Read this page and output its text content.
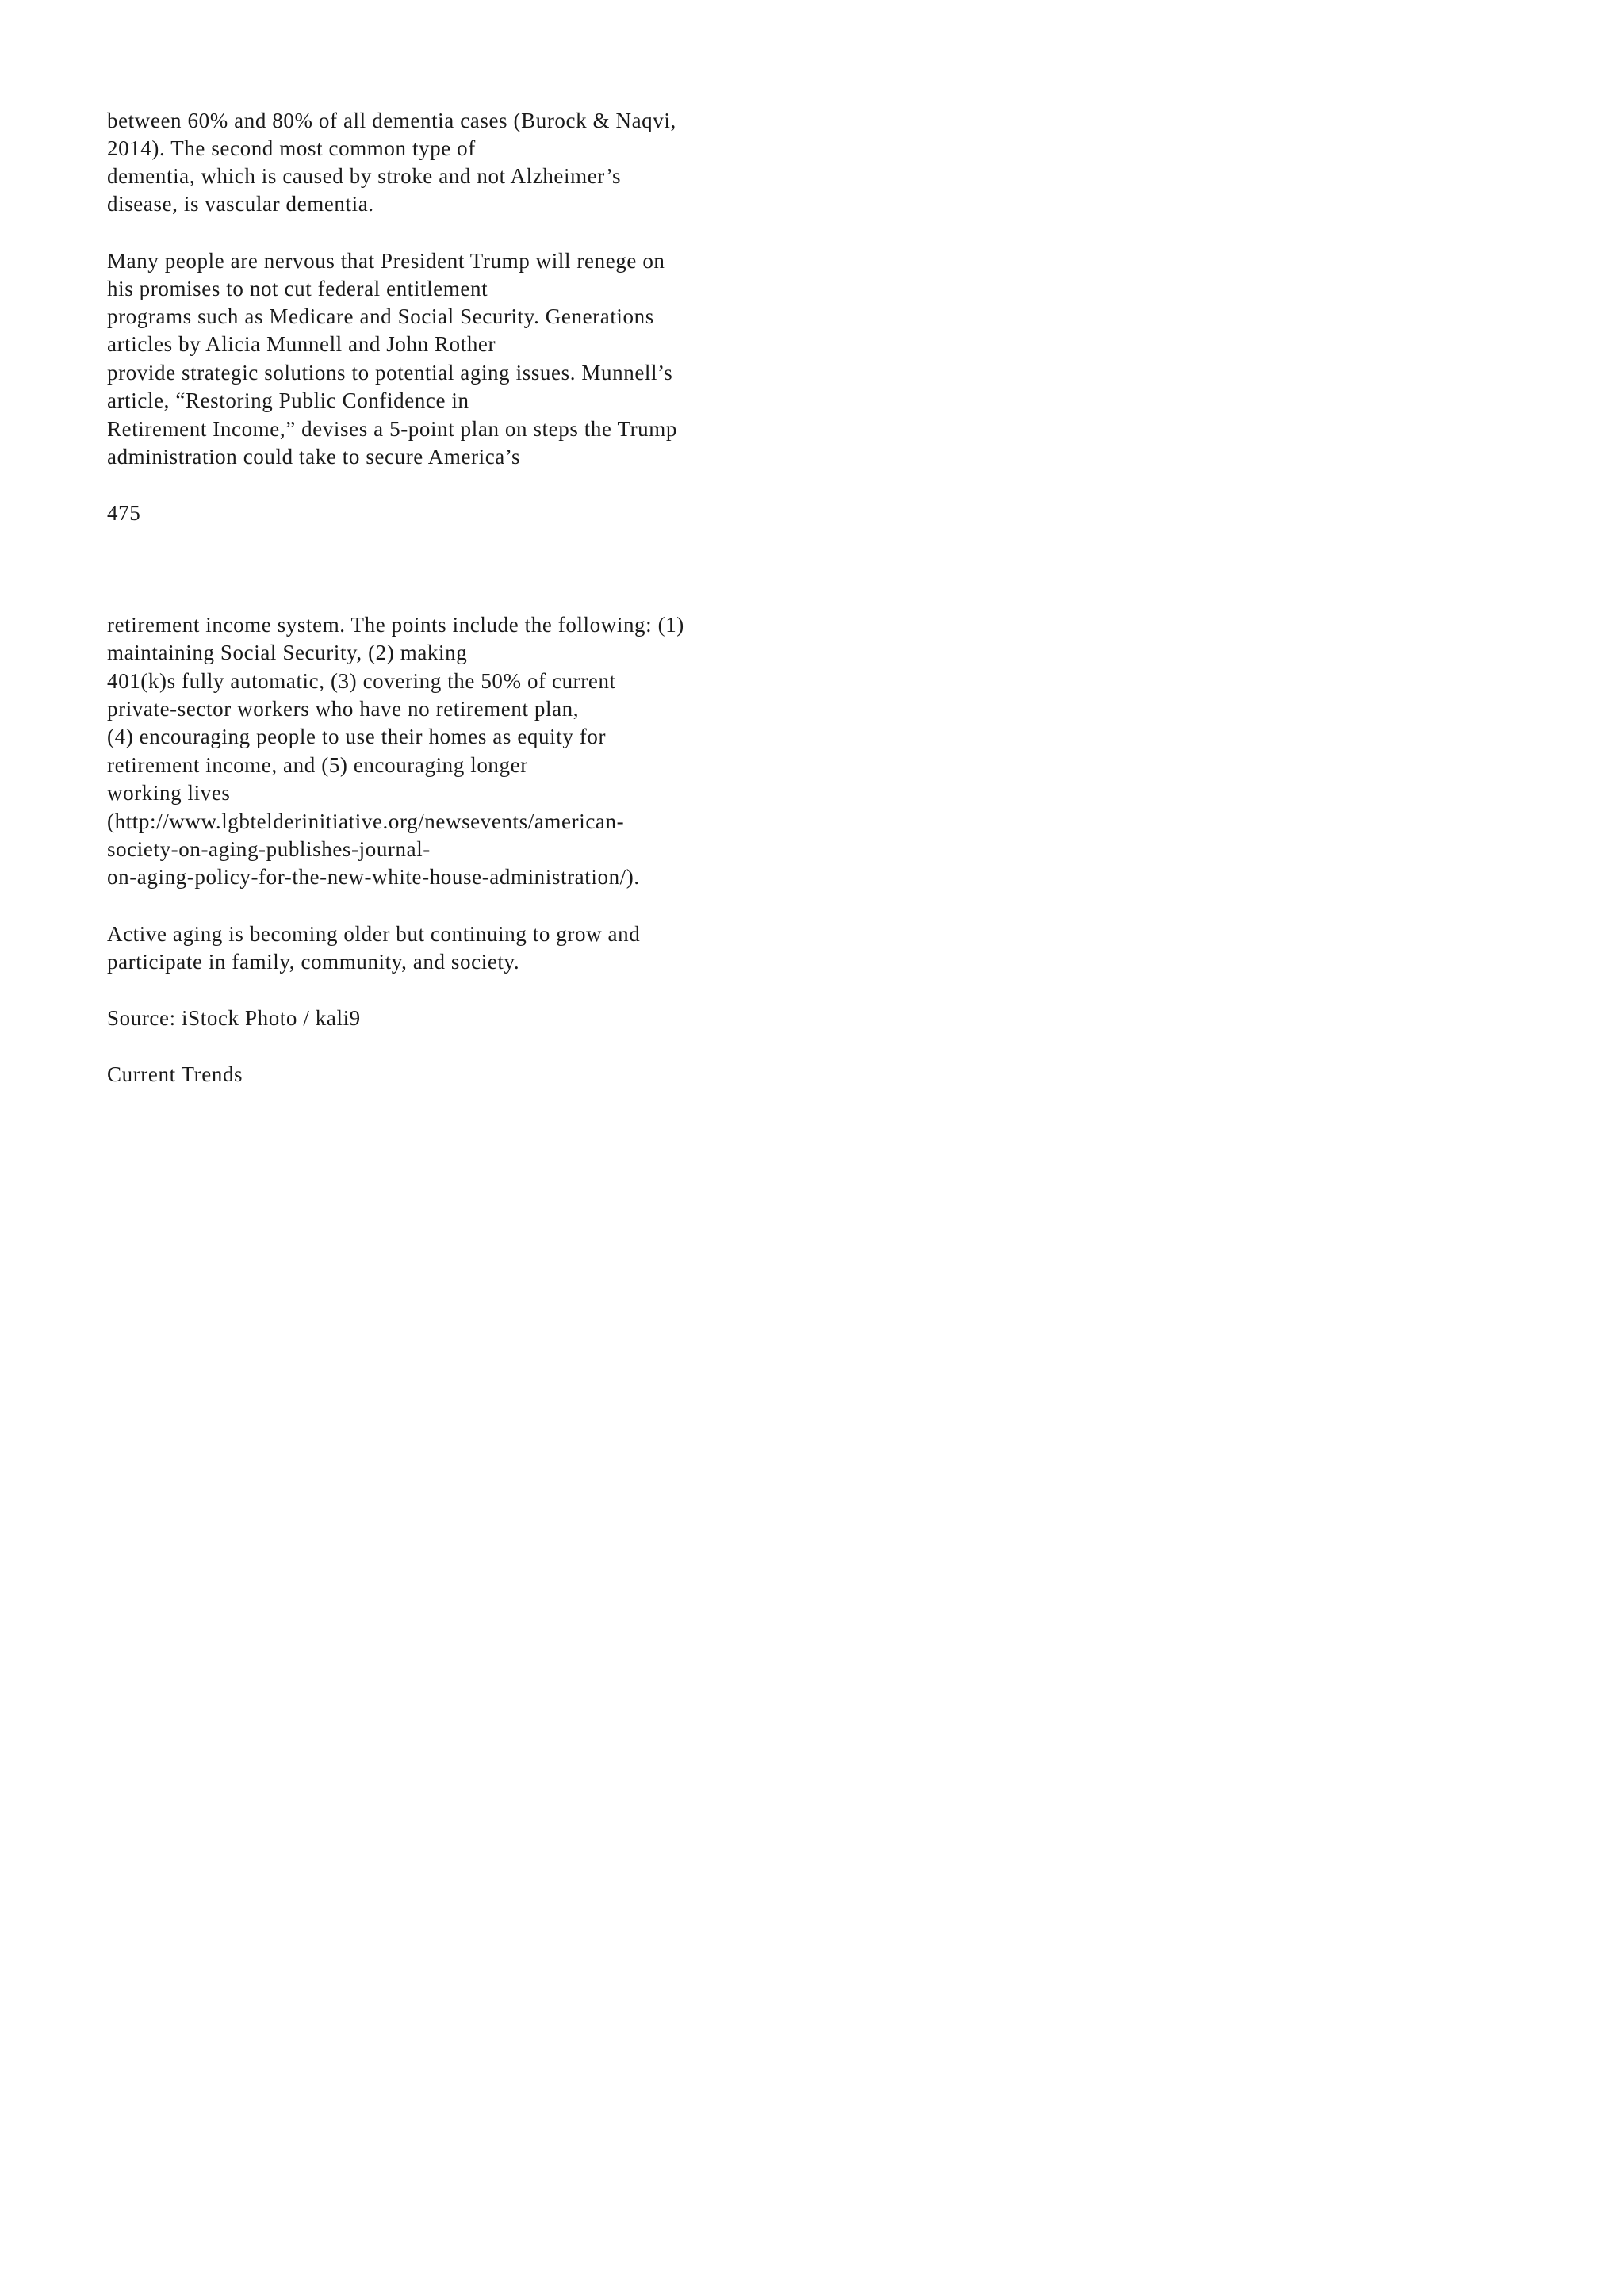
between 60% and 80% of all dementia cases (Burock & Naqvi,
2014). The second most common type of
dementia, which is caused by stroke and not Alzheimer’s
disease, is vascular dementia.
Many people are nervous that President Trump will renege on
his promises to not cut federal entitlement
programs such as Medicare and Social Security. Generations
articles by Alicia Munnell and John Rother
provide strategic solutions to potential aging issues. Munnell’s
article, “Restoring Public Confidence in
Retirement Income,” devises a 5-point plan on steps the Trump
administration could take to secure America’s
475
retirement income system. The points include the following: (1)
maintaining Social Security, (2) making
401(k)s fully automatic, (3) covering the 50% of current
private-sector workers who have no retirement plan,
(4) encouraging people to use their homes as equity for
retirement income, and (5) encouraging longer
working lives
(http://www.lgbtelderinitiative.org/newsevents/american-
society-on-aging-publishes-journal-
on-aging-policy-for-the-new-white-house-administration/).
Active aging is becoming older but continuing to grow and
participate in family, community, and society.
Source: iStock Photo / kali9
Current Trends
